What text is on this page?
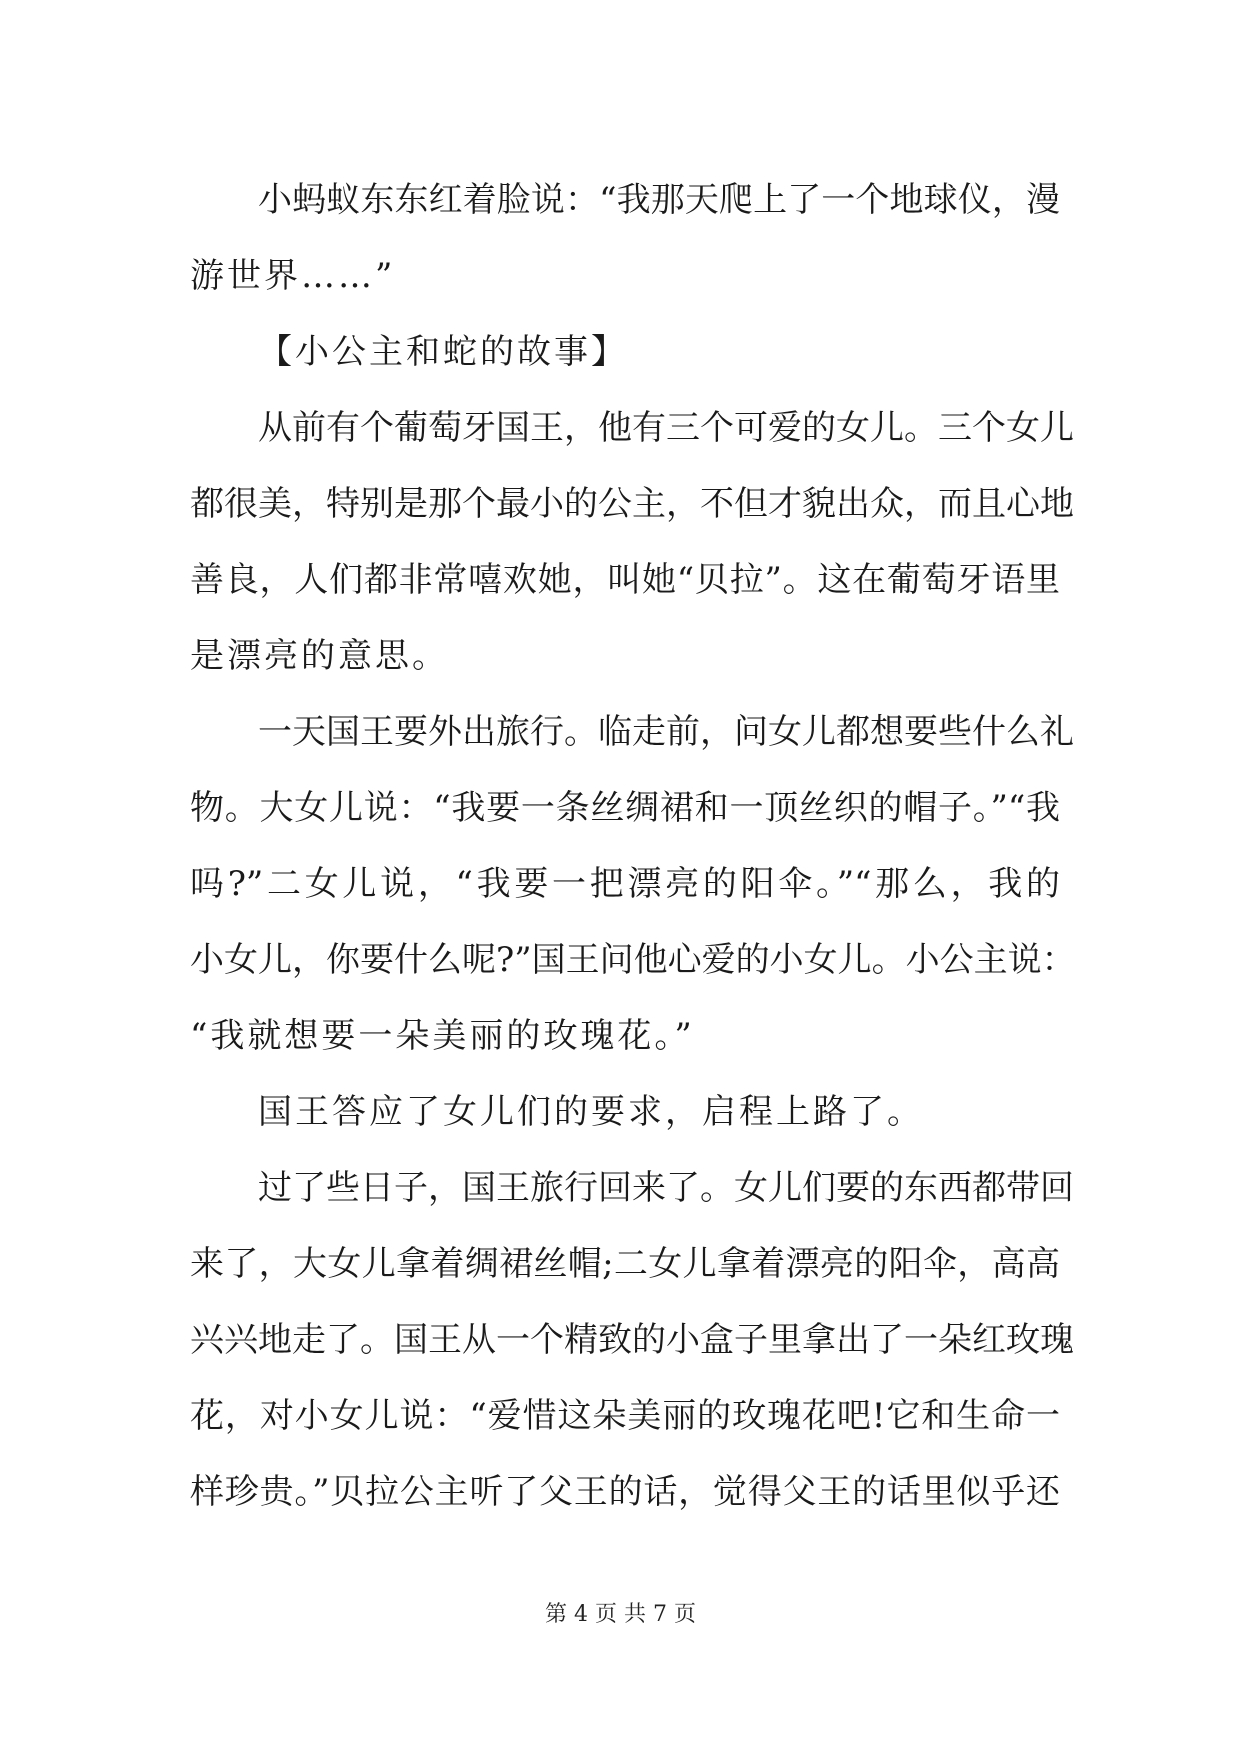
小蚂蚁东东红着脸说：“我那天爬上了一个地球仪，漫
游世界……”
【小公主和蛇的故事】
从前有个葡萄牙国王，他有三个可爱的女儿。三个女儿
都很美，特别是那个最小的公主，不但才貌出众，而且心地
善良，人们都非常嘻欢她，叫她“贝拉”。这在葡萄牙语里
是漂亮的意思。
一天国王要外出旅行。临走前，问女儿都想要些什么礼
物。大女儿说：“我要一条丝绸裙和一顶丝织的帽子。”“我
吗?”二女儿说，“我要一把漂亮的阳伞。”“那么，我的
小女儿，你要什么呢?”国王问他心爱的小女儿。小公主说：
“我就想要一朵美丽的玫瑰花。”
国王答应了女儿们的要求，启程上路了。
过了些日子，国王旅行回来了。女儿们要的东西都带回
来了，大女儿拿着绸裙丝帽;二女儿拿着漂亮的阳伞，高高
兴兴地走了。国王从一个精致的小盒子里拿出了一朵红玫瑰
花，对小女儿说：“爱惜这朵美丽的玫瑰花吧!它和生命一
样珍贵。”贝拉公主听了父王的话，觉得父王的话里似乎还
第 4 页 共 7 页
